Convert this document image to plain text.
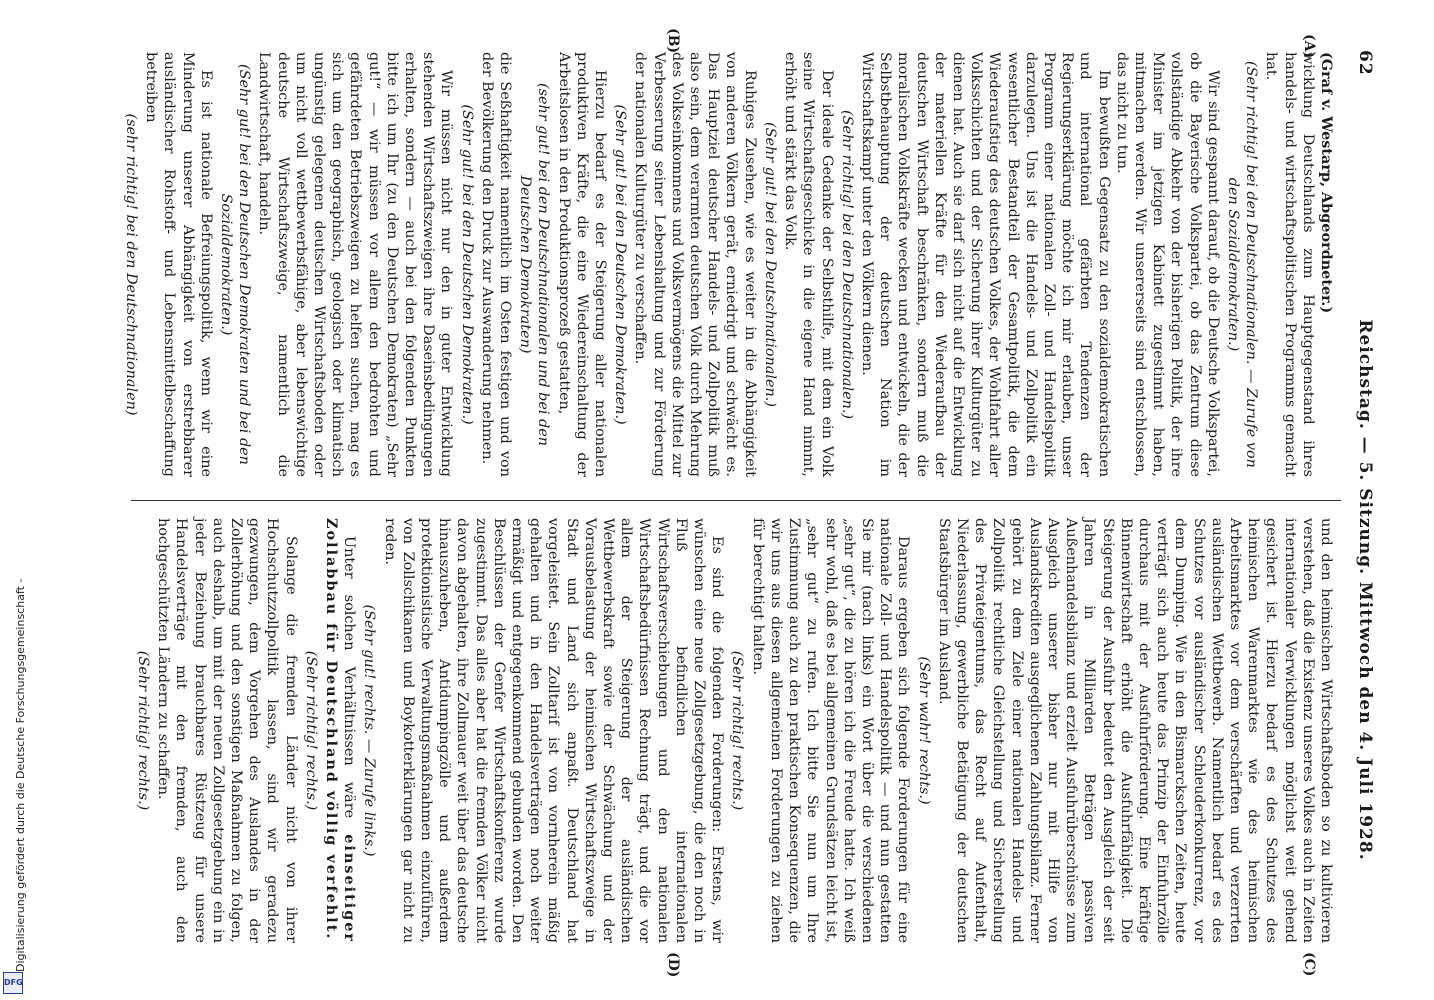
62
Reichstag. — 5. Sitzung. Mittwoch den 4. Juli 1928.
(A)
(B)
(C)
(D)

(Graf v. Westarp, Abgeordneter.)

wicklung Deutschlands zum Hauptgegenstand ihres handels- und wirtschaftspolitischen Programms gemacht hat.

(Sehr richtig! bei den Deutschnationalen. — Zurufe von den Sozialdemokraten.)

Wir sind gespannt darauf, ob die Deutsche Volkspartei, ob die Bayerische Volkspartei, ob das Zentrum diese vollständige Abkehr von der bisherigen Politik, der ihre Minister im jetzigen Kabinett zugestimmt haben, mitmachen werden. Wir unsererseits sind entschlossen, das nicht zu tun.

Im bewußten Gegensatz zu den sozialdemokratischen und international gefärbten Tendenzen der Regierungserklärung möchte ich mir erlauben, unser Programm einer nationalen Zoll- und Handelspolitik darzulegen. Uns ist die Handels- und Zollpolitik ein wesentlicher Bestandteil der Gesamtpolitik, die dem Wiederaufstieg des deutschen Volkes, der Wohlfahrt aller Volksschichten und der Sicherung ihrer Kulturgüter zu dienen hat. Auch sie darf sich nicht auf die Entwicklung der materiellen Kräfte für den Wiederaufbau der deutschen Wirtschaft beschränken, sondern muß die moralischen Volkskräfte wecken und entwickeln, die der Selbstbehauptung der deutschen Nation im Wirtschaftskampf unter den Völkern dienen.

(Sehr richtig! bei den Deutschnationalen.)

Der ideale Gedanke der Selbsthilfe, mit dem ein Volk seine Wirtschaftsgeschicke in die eigene Hand nimmt, erhöht und stärkt das Volk.

(Sehr gut! bei den Deutschnationalen.)

Ruhiges Zusehen, wie es weiter in die Abhängigkeit von anderen Völkern gerät, erniedrigt und schwächt es. Das Hauptziel deutscher Handels- und Zollpolitik muß also sein, dem verarmten deutschen Volk durch Mehrung des Volkseinkommens und Volksvermögens die Mittel zur Verbesserung seiner Lebenshaltung und zur Förderung der nationalen Kulturgüter zu verschaffen.

(Sehr gut! bei den Deutschen Demokraten.)

Hierzu bedarf es der Steigerung aller nationalen produktiven Kräfte, die eine Wiedereinschaltung der Arbeitslosen in den Produktionsprozeß gestatten,

(sehr gut! bei den Deutschnationalen und bei den Deutschen Demokraten)

die Seßhaftigkeit namentlich im Osten festigen und von der Bevölkerung den Druck zur Auswanderung nehmen.

(Sehr gut! bei den Deutschen Demokraten.)

Wir müssen nicht nur den in guter Entwicklung stehenden Wirtschaftszweigen ihre Daseinsbedingungen erhalten, sondern — auch bei den folgenden Punkten bitte ich um Ihr (zu den Deutschen Demokraten) „Sehr gut!“ — wir müssen vor allem den bedrohten und gefährdeten Betriebszweigen zu helfen suchen, mag es sich um den geographisch, geologisch oder klimatisch ungünstig gelegenen deutschen Wirtschaftsboden oder um nicht voll wettbewerbsfähige, aber lebenswichtige deutsche Wirtschaftszweige, namentlich die Landwirtschaft, handeln.

(Sehr gut! bei den Deutschen Demokraten und bei den Sozialdemokraten.)

Es ist nationale Befreiungspolitik, wenn wir eine Minderung unserer Abhängigkeit von erstrebbarer ausländischer Rohstoff- und Lebensmittelbeschaffung betreiben

(sehr richtig! bei den Deutschnationalen)

und den heimischen Wirtschaftsboden so zu kultivieren verstehen, daß die Existenz unseres Volkes auch in Zeiten internationaler Verwicklungen möglichst weit gehend gesichert ist. Hierzu bedarf es des Schutzes des heimischen Warenmarktes wie des heimischen Arbeitsmarktes vor dem verschärften und verzerrten ausländischen Wettbewerb. Namentlich bedarf es des Schutzes vor ausländischer Schleuderkonkurrenz, vor dem Dumping. Wie in den Bismarckschen Zeiten, heute verträgt sich auch heute das Prinzip der Einfuhrzölle durchaus mit der Ausfuhrförderung. Eine kräftige Binnenwirtschaft erhöht die Ausfuhrfähigkeit. Die Steigerung der Ausfuhr bedeutet den Ausgleich der seit Jahren in Milliarden Beträgen passiven Außenhandelsbilanz und erzielt Ausfuhrüberschüsse zum Ausgleich unserer bisher nur mit Hilfe von Auslandskrediten ausgeglichenen Zahlungsbilanz. Ferner gehört zu dem Ziele einer nationalen Handels- und Zollpolitik rechtliche Gleichstellung und Sicherstellung des Privateigentums, das Recht auf Aufenthalt, Niederlassung, gewerbliche Betätigung der deutschen Staatsbürger im Ausland.

(Sehr wahr! rechts.)

Daraus ergeben sich folgende Forderungen für eine nationale Zoll- und Handelspolitik — und nun gestatten Sie mir (nach links) ein Wort über die verschiedenen „sehr gut“, die zu hören ich die Freude hatte. Ich weiß sehr wohl, daß es bei allgemeinen Grundsätzen leicht ist, „sehr gut“ zu rufen. Ich bitte Sie nun um Ihre Zustimmung auch zu den praktischen Konsequenzen, die wir uns aus diesen allgemeinen Forderungen zu ziehen für berechtigt halten.

(Sehr richtig! rechts.)

Es sind die folgenden Forderungen: Erstens, wir wünschen eine neue Zollgesetzgebung, die den noch in Fluß befindlichen internationalen Wirtschaftsverschiebungen und den nationalen Wirtschaftsbedürfnissen Rechnung trägt, und die vor allem der Steigerung der ausländischen Wettbewerbskraft sowie der Schwächung und der Vorausbelastung der heimischen Wirtschaftszweige in Stadt und Land sich anpaßt. Deutschland hat vorgeleistet. Sein Zolltarif ist von vornherein mäßig gehalten und in den Handelsverträgen noch weiter ermäßigt und entgegenkommend gebunden worden. Den Beschlüssen der Genfer Wirtschaftskonferenz wurde zugestimmt. Das alles aber hat die fremden Völker nicht davon abgehalten, ihre Zollmauer weit über das deutsche hinauszuheben, Antidumpingzölle und außerdem protektionistische Verwaltungsmaßnahmen einzuführen, von Zollschikanen und Boykotterklärungen gar nicht zu reden.

(Sehr gut! rechts. — Zurufe links.)

Unter solchen Verhältnissen wäre einseitiger Zollabbau für Deutschland völlig verfehlt.

(Sehr richtig! rechts.)

Solange die fremden Länder nicht von ihrer Hochschutzzollpolitik lassen, sind wir geradezu gezwungen, dem Vorgehen des Auslandes in der Zollerhöhung und den sonstigen Maßnahmen zu folgen, auch deshalb, um mit der neuen Zollgesetzgebung ein in jeder Beziehung brauchbares Rüstzeug für unsere Handelsverträge mit den fremden, auch den hochgeschützten Ländern zu schaffen.

(Sehr richtig! rechts.)

Digitalisierung gefördert durch die Deutsche Forschungsgemeinschaft -
DFG
